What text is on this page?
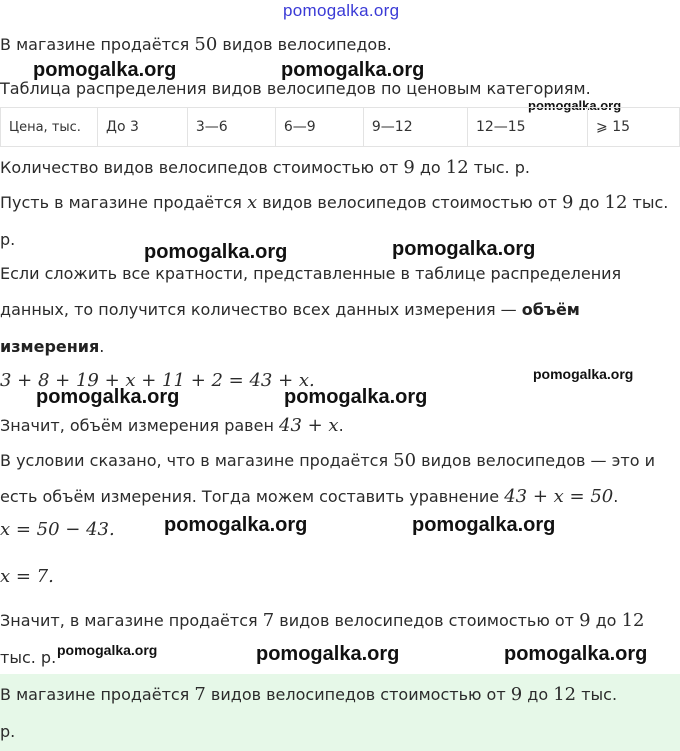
pomogalka.org
В магазине продаётся 50 видов велосипедов.
pomogalka.org	pomogalka.org
Таблица распределения видов велосипедов по ценовым категориям.
pomogalka.org
Цена, тыс.	До 3	3—6	6—9	9—12	12—15	⩾ 15
Количество видов велосипедов стоимостью от 9 до 12 тыс. р.
Пусть в магазине продаётся x видов велосипедов стоимостью от 9 до 12 тыс.
р.
pomogalka.org	pomogalka.org
Если сложить все кратности, представленные в таблице распределения
данных, то получится количество всех данных измерения — объём
измерения.
3 + 8 + 19 + x + 11 + 2 = 43 + x.	pomogalka.org
pomogalka.org	pomogalka.org
Значит, объём измерения равен 43 + x.
В условии сказано, что в магазине продаётся 50 видов велосипедов — это и
есть объём измерения. Тогда можем составить уравнение 43 + x = 50.
x = 50 − 43. pomogalka.org	pomogalka.org
x = 7.
Значит, в магазине продаётся 7 видов велосипедов стоимостью от 9 до 12
тыс. р. pomogalka.org	pomogalka.org	pomogalka.org
В магазине продаётся 7 видов велосипедов стоимостью от 9 до 12 тыс.
р.
